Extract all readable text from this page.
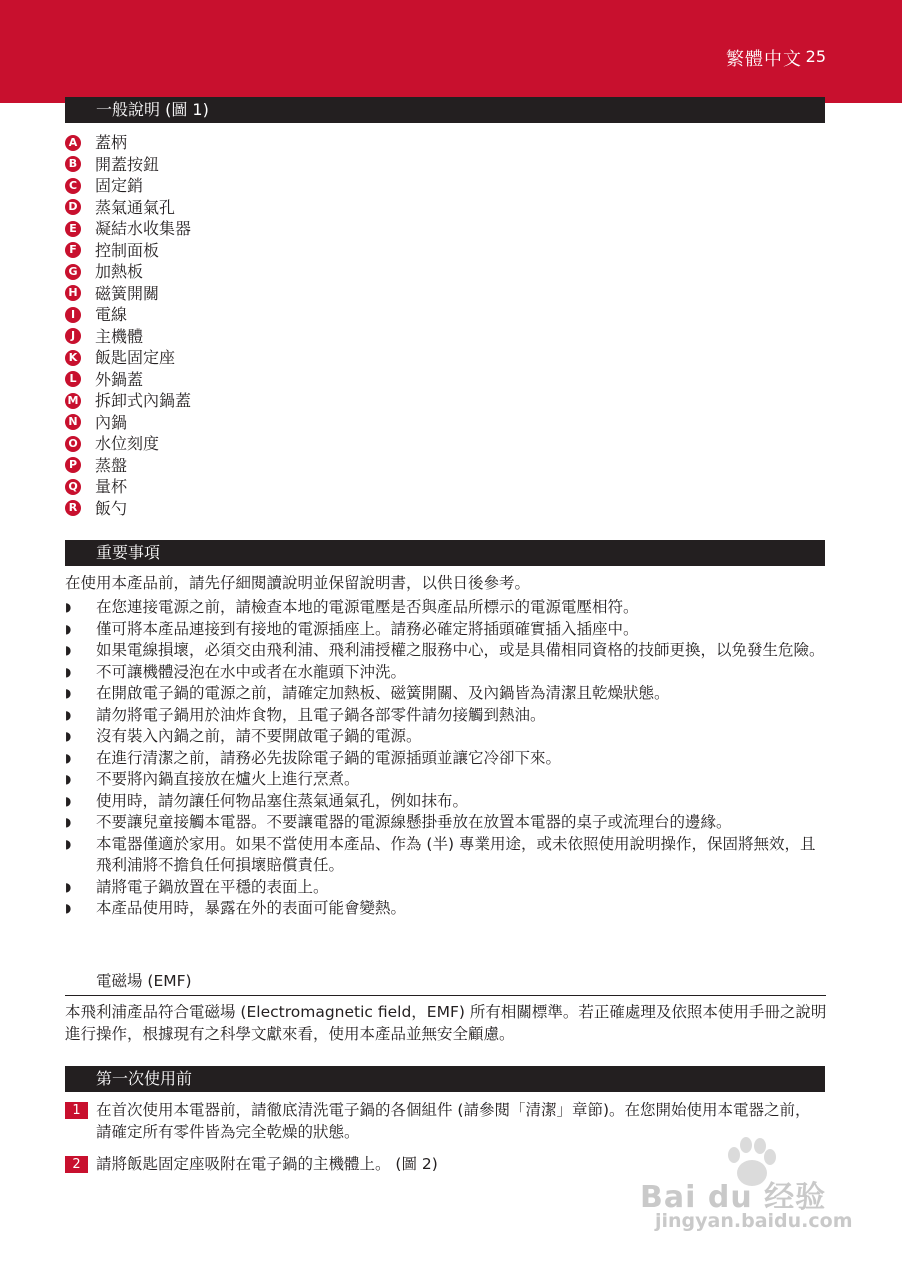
繁體中文 25
一般說明 (圖 1)
A 蓋柄
B 開蓋按鈕
C 固定銷
D 蒸氣通氣孔
E 凝結水收集器
F 控制面板
G 加熱板
H 磁簧開關
I	電線
J	主機體
K 飯匙固定座
L 外鍋蓋
M 拆卸式內鍋蓋
N 內鍋
O 水位刻度
P 蒸盤
Q 量杯
R 飯勺
重要事項

在使用本產品前，請先仔細閱讀說明並保留說明書，以供日後參考。

◗ 在您連接電源之前，請檢查本地的電源電壓是否與產品所標示的電源電壓相符。
◗ 僅可將本產品連接到有接地的電源插座上。請務必確定將插頭確實插入插座中。
◗ 如果電線損壞，必須交由飛利浦、飛利浦授權之服務中心，或是具備相同資格的技師更換，以免發生危險。
◗ 不可讓機體浸泡在水中或者在水龍頭下沖洗。
◗ 在開啟電子鍋的電源之前，請確定加熱板、磁簧開關、及內鍋皆為清潔且乾燥狀態。
◗ 請勿將電子鍋用於油炸食物，且電子鍋各部零件請勿接觸到熱油。
◗ 沒有裝入內鍋之前，請不要開啟電子鍋的電源。
◗ 在進行清潔之前，請務必先拔除電子鍋的電源插頭並讓它冷卻下來。
◗ 不要將內鍋直接放在爐火上進行烹煮。
◗ 使用時，請勿讓任何物品塞住蒸氣通氣孔，例如抹布。
◗ 不要讓兒童接觸本電器。不要讓電器的電源線懸掛垂放在放置本電器的桌子或流理台的邊緣。
◗ 本電器僅適於家用。如果不當使用本產品、作為 (半) 專業用途，或未依照使用說明操作，保固將無效，且飛利浦將不擔負任何損壞賠償責任。
◗ 請將電子鍋放置在平穩的表面上。
◗ 本產品使用時，暴露在外的表面可能會變熱。
電磁場 (EMF)

本飛利浦產品符合電磁場 (Electromagnetic field，EMF) 所有相關標準。若正確處理及依照本使用手冊之說明進行操作，根據現有之科學文獻來看，使用本產品並無安全顧慮。

第一次使用前
1 在首次使用本電器前，請徹底清洗電子鍋的各個組件 (請參閱「清潔」章節)。在您開始使用本電器之前，請確定所有零件皆為完全乾燥的狀態。
2 請將飯匙固定座吸附在電子鍋的主機體上。 (圖 2)
Bai du 经验
jingyan.baidu.com
